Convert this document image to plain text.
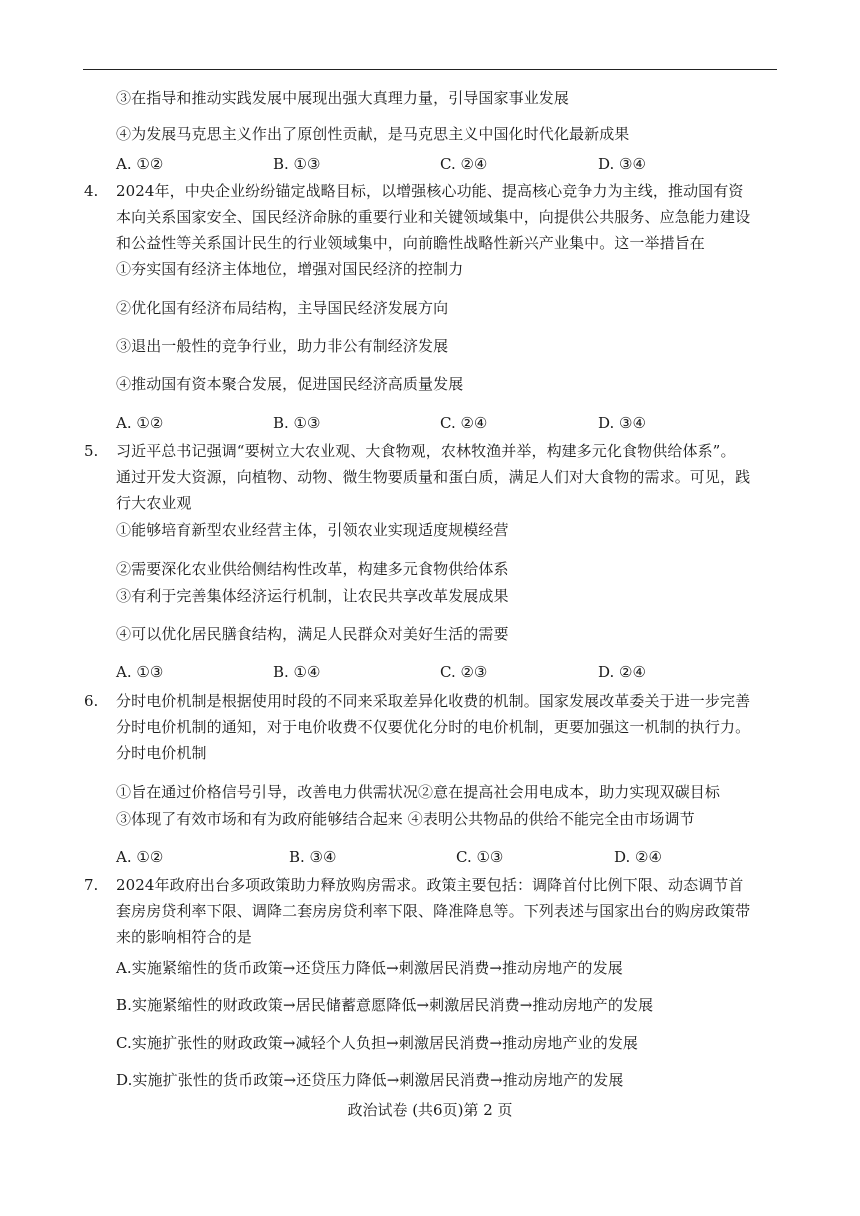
③在指导和推动实践发展中展现出强大真理力量，引导国家事业发展
④为发展马克思主义作出了原创性贡献，是马克思主义中国化时代化最新成果
A. ①②	B. ①③	C. ②④	D. ③④
4. 2024年，中央企业纷纷锚定战略目标，以增强核心功能、提高核心竞争力为主线，推动国有资
本向关系国家安全、国民经济命脉的重要行业和关键领域集中，向提供公共服务、应急能力建设
和公益性等关系国计民生的行业领域集中，向前瞻性战略性新兴产业集中。这一举措旨在
①夯实国有经济主体地位，增强对国民经济的控制力
②优化国有经济布局结构，主导国民经济发展方向
③退出一般性的竞争行业，助力非公有制经济发展
④推动国有资本聚合发展，促进国民经济高质量发展
A. ①②	B. ①③	C. ②④	D. ③④
5. 习近平总书记强调“要树立大农业观、大食物观，农林牧渔并举，构建多元化食物供给体系”。
通过开发大资源，向植物、动物、微生物要质量和蛋白质，满足人们对大食物的需求。可见，践
行大农业观
①能够培育新型农业经营主体，引领农业实现适度规模经营
②需要深化农业供给侧结构性改革，构建多元食物供给体系
③有利于完善集体经济运行机制，让农民共享改革发展成果
④可以优化居民膳食结构，满足人民群众对美好生活的需要
A. ①③	B. ①④	C. ②③	D. ②④
6. 分时电价机制是根据使用时段的不同来采取差异化收费的机制。国家发展改革委关于进一步完善
分时电价机制的通知，对于电价收费不仅要优化分时的电价机制，更要加强这一机制的执行力。
分时电价机制
①旨在通过价格信号引导，改善电力供需状况②意在提高社会用电成本，助力实现双碳目标
③体现了有效市场和有为政府能够结合起来 ④表明公共物品的供给不能完全由市场调节
A. ①②	B. ③④	C. ①③	D. ②④
7. 2024年政府出台多项政策助力释放购房需求。政策主要包括：调降首付比例下限、动态调节首
套房房贷利率下限、调降二套房房贷利率下限、降准降息等。下列表述与国家出台的购房政策带
来的影响相符合的是
A.实施紧缩性的货币政策→还贷压力降低→刺激居民消费→推动房地产的发展
B.实施紧缩性的财政政策→居民储蓄意愿降低→刺激居民消费→推动房地产的发展
C.实施扩张性的财政政策→减轻个人负担→刺激居民消费→推动房地产业的发展
D.实施扩张性的货币政策→还贷压力降低→刺激居民消费→推动房地产的发展
政治试卷 (共6页)第 2 页
